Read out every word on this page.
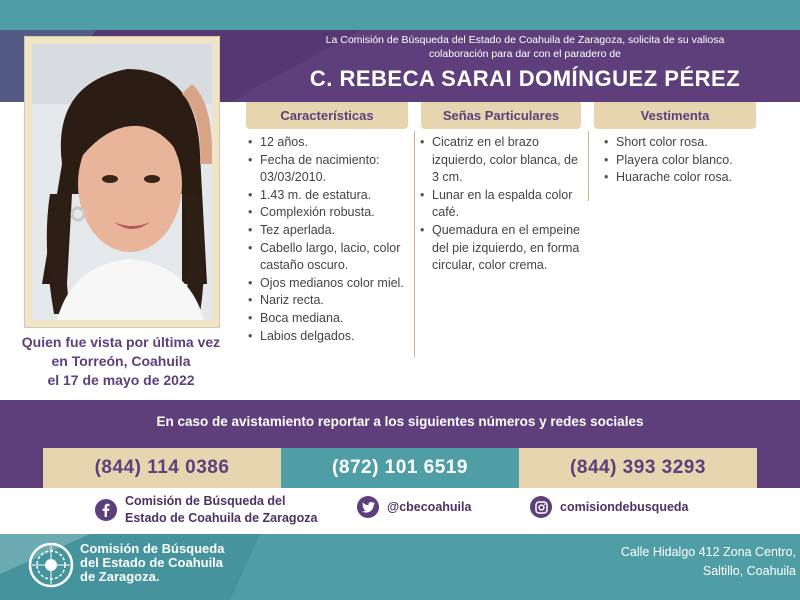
La Comisión de Búsqueda del Estado de Coahuila de Zaragoza, solicita de su valiosa
colaboración para dar con el paradero de
C. REBECA SARAI DOMÍNGUEZ PÉREZ
Quien fue vista por última vez
en Torreón, Coahuila
el 17 de mayo de 2022
Características	Señas Particulares	Vestimenta
• 12 años.
• Fecha de nacimiento: 03/03/2010.
• 1.43 m. de estatura.
• Complexión robusta.
• Tez aperlada.
• Cabello largo, lacio, color castaño oscuro.
• Ojos medianos color miel.
• Nariz recta.
• Boca mediana.
• Labios delgados.
• Cicatriz en el brazo izquierdo, color blanca, de 3 cm.
• Lunar en la espalda color café.
• Quemadura en el empeine del pie izquierdo, en forma circular, color crema.
• Short color rosa.
• Playera color blanco.
• Huarache color rosa.
En caso de avistamiento reportar a los siguientes números y redes sociales
(844) 114 0386	(872) 101 6519	(844) 393 3293
Comisión de Búsqueda del
Estado de Coahuila de Zaragoza
@cbecoahuila	comisiondebusqueda
Comisión de Búsqueda
del Estado de Coahuila
de Zaragoza.
Calle Hidalgo 412 Zona Centro,
Saltillo, Coahuila
